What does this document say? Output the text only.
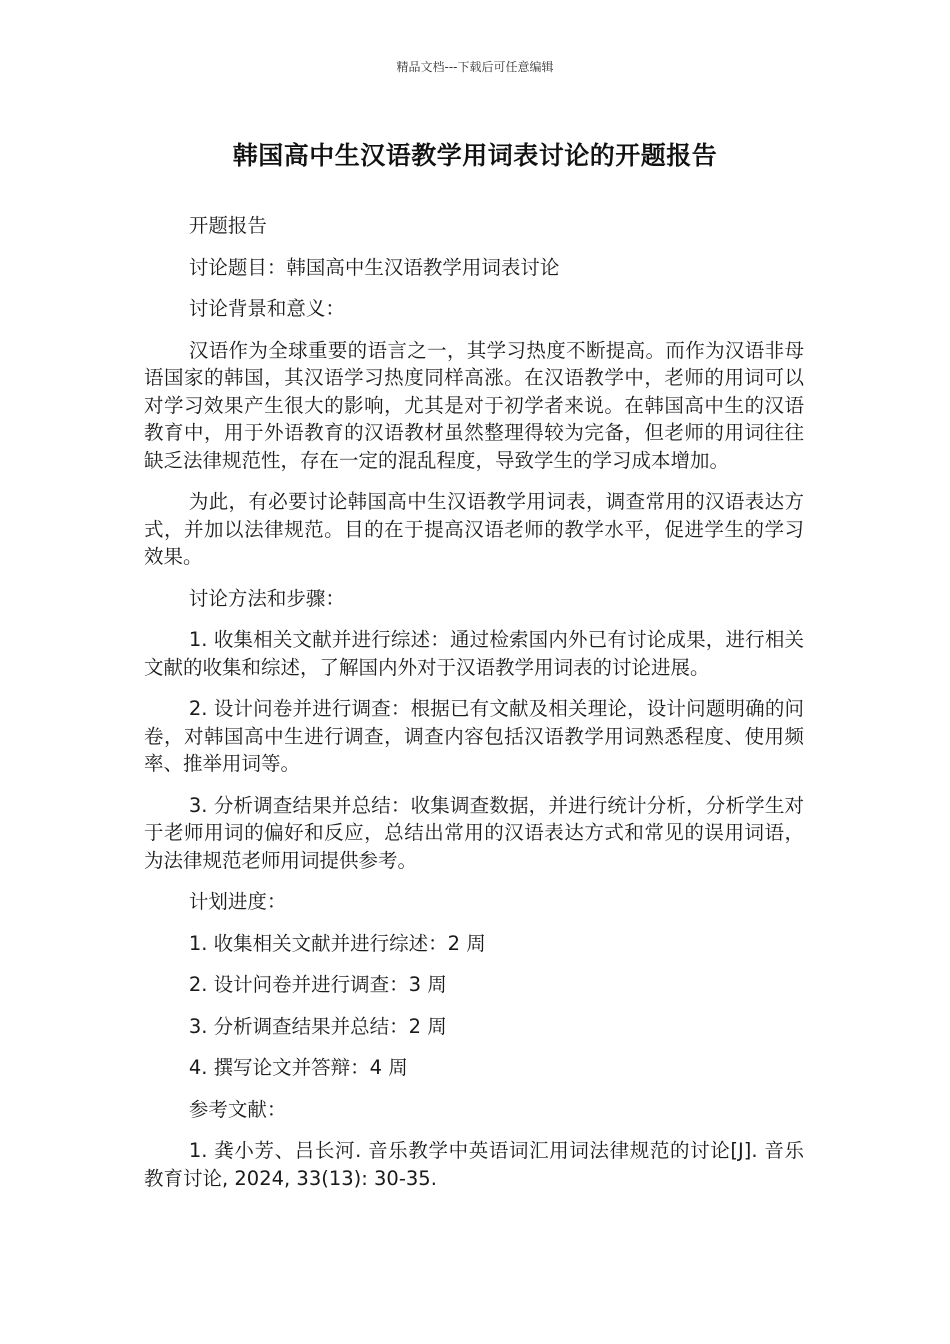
精品文档---下载后可任意编辑
韩国高中生汉语教学用词表讨论的开题报告

开题报告

讨论题目：韩国高中生汉语教学用词表讨论

讨论背景和意义：

汉语作为全球重要的语言之一，其学习热度不断提高。而作为汉语非母语国家的韩国，其汉语学习热度同样高涨。在汉语教学中，老师的用词可以对学习效果产生很大的影响，尤其是对于初学者来说。在韩国高中生的汉语教育中，用于外语教育的汉语教材虽然整理得较为完备，但老师的用词往往缺乏法律规范性，存在一定的混乱程度，导致学生的学习成本增加。

为此，有必要讨论韩国高中生汉语教学用词表，调查常用的汉语表达方式，并加以法律规范。目的在于提高汉语老师的教学水平，促进学生的学习效果。

讨论方法和步骤：

1. 收集相关文献并进行综述：通过检索国内外已有讨论成果，进行相关文献的收集和综述，了解国内外对于汉语教学用词表的讨论进展。

2. 设计问卷并进行调查：根据已有文献及相关理论，设计问题明确的问卷，对韩国高中生进行调查，调查内容包括汉语教学用词熟悉程度、使用频率、推举用词等。

3. 分析调查结果并总结：收集调查数据，并进行统计分析，分析学生对于老师用词的偏好和反应，总结出常用的汉语表达方式和常见的误用词语，为法律规范老师用词提供参考。

计划进度：

1. 收集相关文献并进行综述：2 周

2. 设计问卷并进行调查：3 周

3. 分析调查结果并总结：2 周

4. 撰写论文并答辩：4 周

参考文献：

1. 龚小芳、吕长河. 音乐教学中英语词汇用词法律规范的讨论[J]. 音乐教育讨论, 2024, 33(13): 30-35.
